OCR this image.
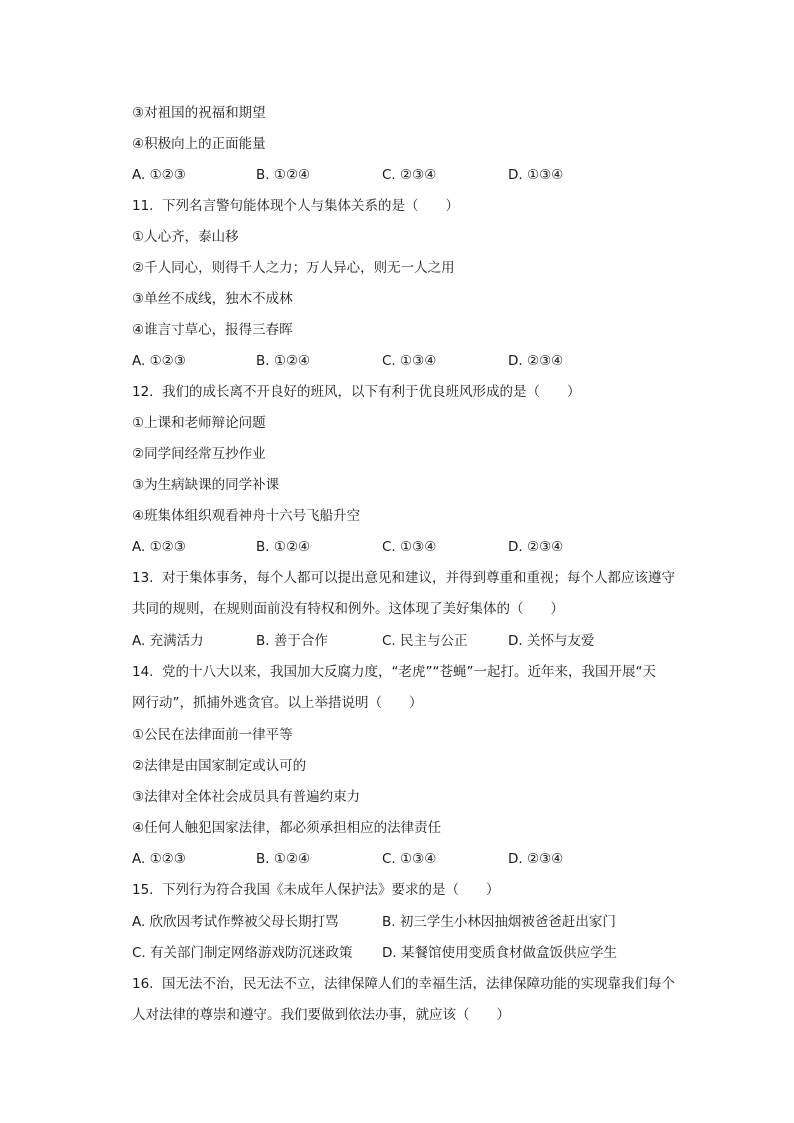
③对祖国的祝福和期望
④积极向上的正面能量
A. ①②③	B. ①②④	C. ②③④	D. ①③④
11. 下列名言警句能体现个人与集体关系的是（　　）
①人心齐，泰山移
②千人同心，则得千人之力；万人异心，则无一人之用
③单丝不成线，独木不成林
④谁言寸草心，报得三春晖
A. ①②③	B. ①②④	C. ①③④	D. ②③④
12. 我们的成长离不开良好的班风，以下有利于优良班风形成的是（　　）
①上课和老师辩论问题
②同学间经常互抄作业
③为生病缺课的同学补课
④班集体组织观看神舟十六号飞船升空
A. ①②③	B. ①②④	C. ①③④	D. ②③④
13. 对于集体事务，每个人都可以提出意见和建议，并得到尊重和重视；每个人都应该遵守
共同的规则，在规则面前没有特权和例外。这体现了美好集体的（　　）
A. 充满活力	B. 善于合作	C. 民主与公正	D. 关怀与友爱
14. 党的十八大以来，我国加大反腐力度，“老虎”“苍蝇”一起打。近年来，我国开展“天
网行动”，抓捕外逃贪官。以上举措说明（　　）
①公民在法律面前一律平等
②法律是由国家制定或认可的
③法律对全体社会成员具有普遍约束力
④任何人触犯国家法律，都必须承担相应的法律责任
A. ①②③	B. ①②④	C. ①③④	D. ②③④
15. 下列行为符合我国《未成年人保护法》要求的是（　　）
A. 欣欣因考试作弊被父母长期打骂	B. 初三学生小林因抽烟被爸爸赶出家门
C. 有关部门制定网络游戏防沉迷政策 D. 某餐馆使用变质食材做盒饭供应学生
16. 国无法不治，民无法不立，法律保障人们的幸福生活，法律保障功能的实现靠我们每个
人对法律的尊崇和遵守。我们要做到依法办事，就应该（　　）
